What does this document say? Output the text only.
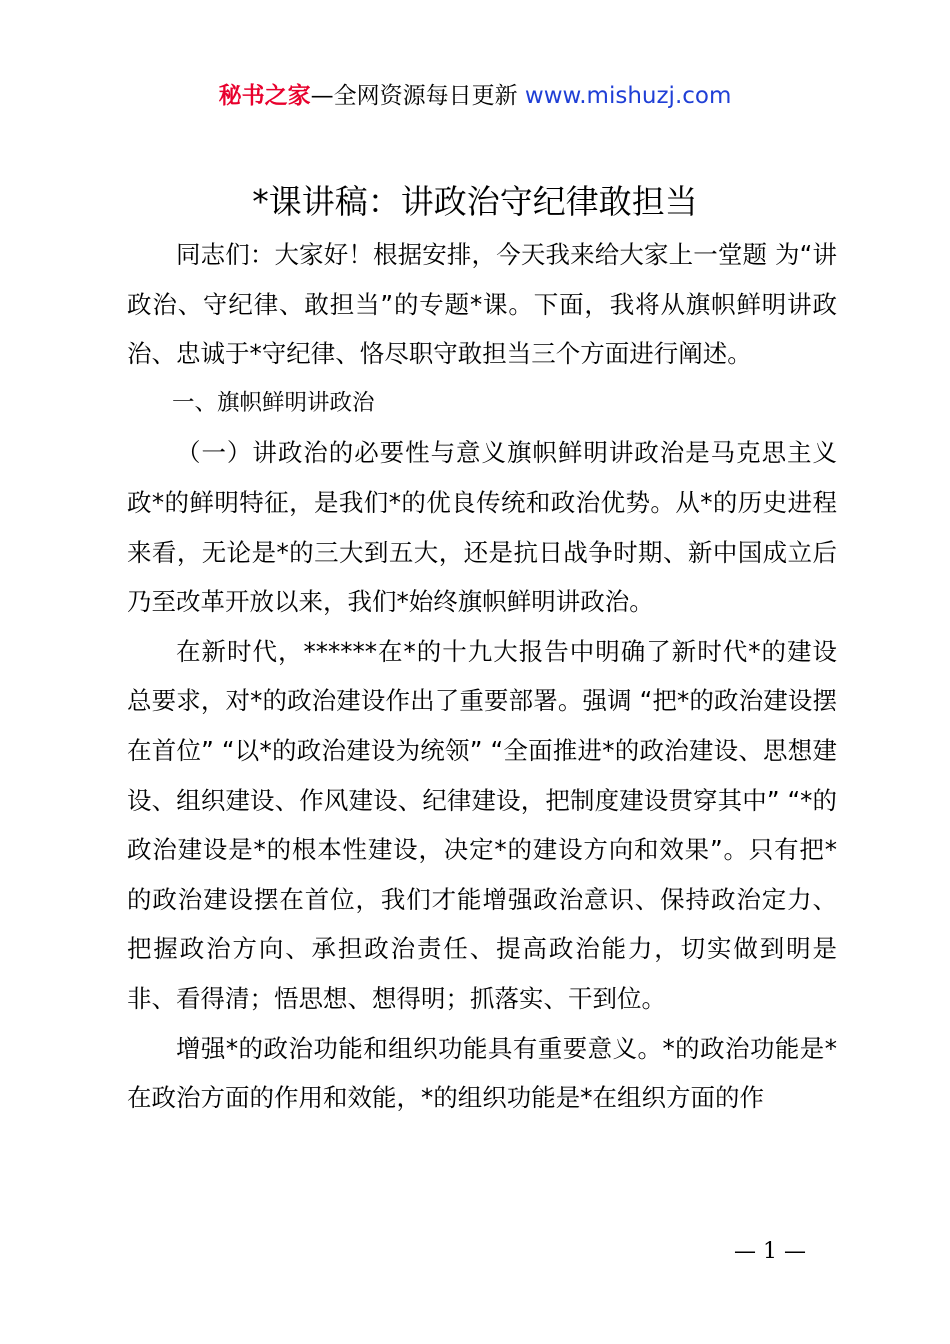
秘书之家—全网资源每日更新 www.mishuzj.com
*课讲稿：讲政治守纪律敢担当

同志们：大家好！根据安排，今天我来给大家上一堂题 为“讲政治、守纪律、敢担当”的专题*课。下面，我将从旗帜鲜明讲政治、忠诚于*守纪律、恪尽职守敢担当三个方面进行阐述。

一、旗帜鲜明讲政治

（一）讲政治的必要性与意义旗帜鲜明讲政治是马克思主义政*的鲜明特征，是我们*的优良传统和政治优势。从*的历史进程来看，无论是*的三大到五大，还是抗日战争时期、新中国成立后乃至改革开放以来，我们*始终旗帜鲜明讲政治。

在新时代，******在*的十九大报告中明确了新时代*的建设总要求，对*的政治建设作出了重要部署。强调 “把*的政治建设摆在首位” “以*的政治建设为统领” “全面推进*的政治建设、思想建设、组织建设、作风建设、纪律建设，把制度建设贯穿其中” “*的政治建设是*的根本性建设，决定*的建设方向和效果”。只有把*的政治建设摆在首位，我们才能增强政治意识、保持政治定力、把握政治方向、承担政治责任、提高政治能力，切实做到明是非、看得清；悟思想、想得明；抓落实、干到位。

增强*的政治功能和组织功能具有重要意义。*的政治功能是*在政治方面的作用和效能，*的组织功能是*在组织方面的作

— 1 —
